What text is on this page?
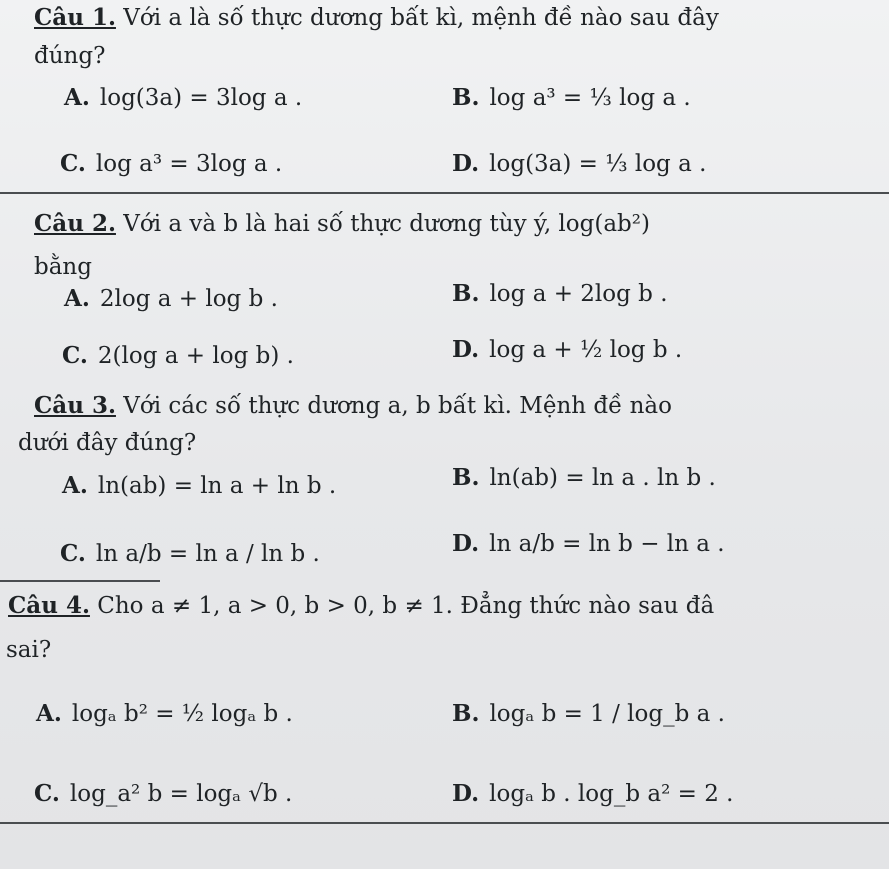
Câu 1. Với a là số thực dương bất kì, mệnh đề nào sau đây
đúng?
A. log(3a) = 3log a .	B. log a³ = ⅓ log a .
C. log a³ = 3log a .	D. log(3a) = ⅓ log a .
Câu 2. Với a và b là hai số thực dương tùy ý, log(ab²)
bằng
A. 2log a + log b .	B. log a + 2log b .
C. 2(log a + log b) .	D. log a + ½ log b .
Câu 3. Với các số thực dương a, b bất kì. Mệnh đề nào
dưới đây đúng?
A. ln(ab) = ln a + ln b .	B. ln(ab) = ln a . ln b .
C. ln a/b = ln a / ln b .	D. ln a/b = ln b − ln a .
Câu 4. Cho a ≠ 1, a > 0, b > 0, b ≠ 1. Đẳng thức nào sau đâ
sai?
A. logₐ b² = ½ logₐ b .	B. logₐ b = 1 / log_b a .
C. log_a² b = logₐ √b .	D. logₐ b . log_b a² = 2 .
